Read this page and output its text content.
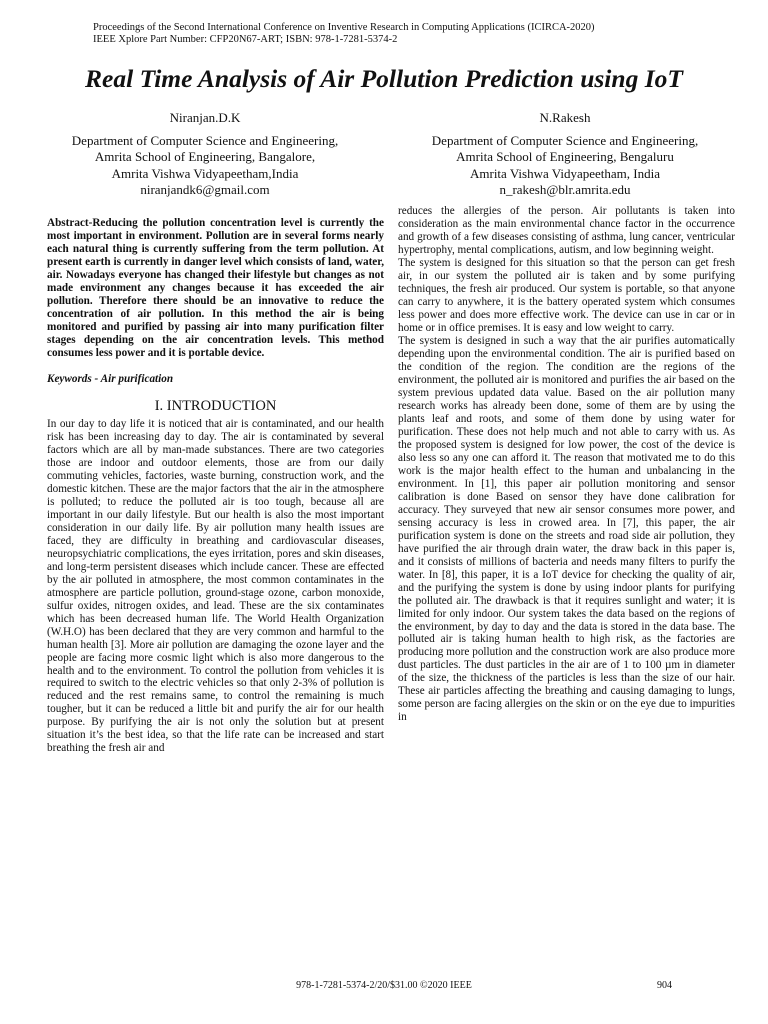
Proceedings of the Second International Conference on Inventive Research in Computing Applications (ICIRCA-2020)
IEEE Xplore Part Number: CFP20N67-ART; ISBN: 978-1-7281-5374-2
Real Time Analysis of Air Pollution Prediction using IoT
Niranjan.D.K
Department of Computer Science and Engineering,
Amrita School of Engineering, Bangalore,
Amrita Vishwa Vidyapeetham,India
niranjandk6@gmail.com
N.Rakesh
Department of Computer Science and Engineering,
Amrita School of Engineering, Bengaluru
Amrita Vishwa Vidyapeetham, India
n_rakesh@blr.amrita.edu

Abstract-Reducing the pollution concentration level is currently the most important in environment. Pollution are in several forms nearly each natural thing is currently suffering from the term pollution. At present earth is currently in danger level which consists of land, water, air. Nowadays everyone has changed their lifestyle but changes as not made environment any changes because it has exceeded the air pollution. Therefore there should be an innovative to reduce the concentration of air pollution. In this method the air is being monitored and purified by passing air into many purification filter stages depending on the air concentration levels. This method consumes less power and it is portable device.

Keywords - Air purification

I. INTRODUCTION

In our day to day life it is noticed that air is contaminated, and our health risk has been increasing day to day. The air is contaminated by several factors which are all by man-made substances. There are two categories those are indoor and outdoor elements, those are from our daily commuting vehicles, factories, waste burning, construction work, and the domestic kitchen. These are the major factors that the air in the atmosphere is polluted; to reduce the polluted air is too tough, because all are important in our daily lifestyle. But our health is also the most important consideration in our daily life. By air pollution many health issues are faced, they are difficulty in breathing and cardiovascular diseases, neuropsychiatric complications, the eyes irritation, pores and skin diseases, and long-term persistent diseases which include cancer. These are effected by the air polluted in atmosphere, the most common contaminates in the atmosphere are particle pollution, ground-stage ozone, carbon monoxide, sulfur oxides, nitrogen oxides, and lead. These are the six contaminates which has been decreased human life. The World Health Organization (W.H.O) has been declared that they are very common and harmful to the human health [3]. More air pollution are damaging the ozone layer and the people are facing more cosmic light which is also more dangerous to the health and to the environment. To control the pollution from vehicles it is required to switch to the electric vehicles so that only 2-3% of pollution is reduced and the rest remains same, to control the remaining is much tougher, but it can be reduced a little bit and purify the air for our health purpose. By purifying the air is not only the solution but at present situation it’s the best idea, so that the life rate can be increased and start breathing the fresh air and

reduces the allergies of the person. Air pollutants is taken into consideration as the main environmental chance factor in the occurrence and growth of a few diseases consisting of asthma, lung cancer, ventricular hypertrophy, mental complications, autism, and low beginning weight.

The system is designed for this situation so that the person can get fresh air, in our system the polluted air is taken and by some purifying techniques, the fresh air produced. Our system is portable, so that anyone can carry to anywhere, it is the battery operated system which consumes less power and does more effective work. The device can use in car or in home or in office premises. It is easy and low weight to carry.

The system is designed in such a way that the air purifies automatically depending upon the environmental condition. The air is purified based on the condition of the region. The condition are the regions of the environment, the polluted air is monitored and purifies the air based on the system previous updated data value. Based on the air pollution many research works has already been done, some of them are by using the plants leaf and roots, and some of them done by using water for purification. These does not help much and not able to carry with us. As the proposed system is designed for low power, the cost of the device is also less so any one can afford it. The reason that motivated me to do this work is the major health effect to the human and unbalancing in the environment. In [1], this paper air pollution monitoring and sensor calibration is done Based on sensor they have done calibration for accuracy. They surveyed that new air sensor consumes more power, and sensing accuracy is less in crowed area. In [7], this paper, the air purification system is done on the streets and road side air pollution, they have purified the air through drain water, the draw back in this paper is, and it consists of millions of bacteria and needs many filters to purify the water. In [8], this paper, it is a IoT device for checking the quality of air, and the purifying the system is done by using indoor plants for purifying the polluted air. The drawback is that it requires sunlight and water; it is limited for only indoor. Our system takes the data based on the regions of the environment, by day to day and the data is stored in the data base. The polluted air is taking human health to high risk, as the factories are producing more pollution and the construction work are also produce more dust particles. The dust particles in the air are of 1 to 100 µm in diameter of the size, the thickness of the particles is less than the size of our hair. These air particles affecting the breathing and causing damaging to lungs, some person are facing allergies on the skin or on the eye due to impurities in

978-1-7281-5374-2/20/$31.00 ©2020 IEEE	904
